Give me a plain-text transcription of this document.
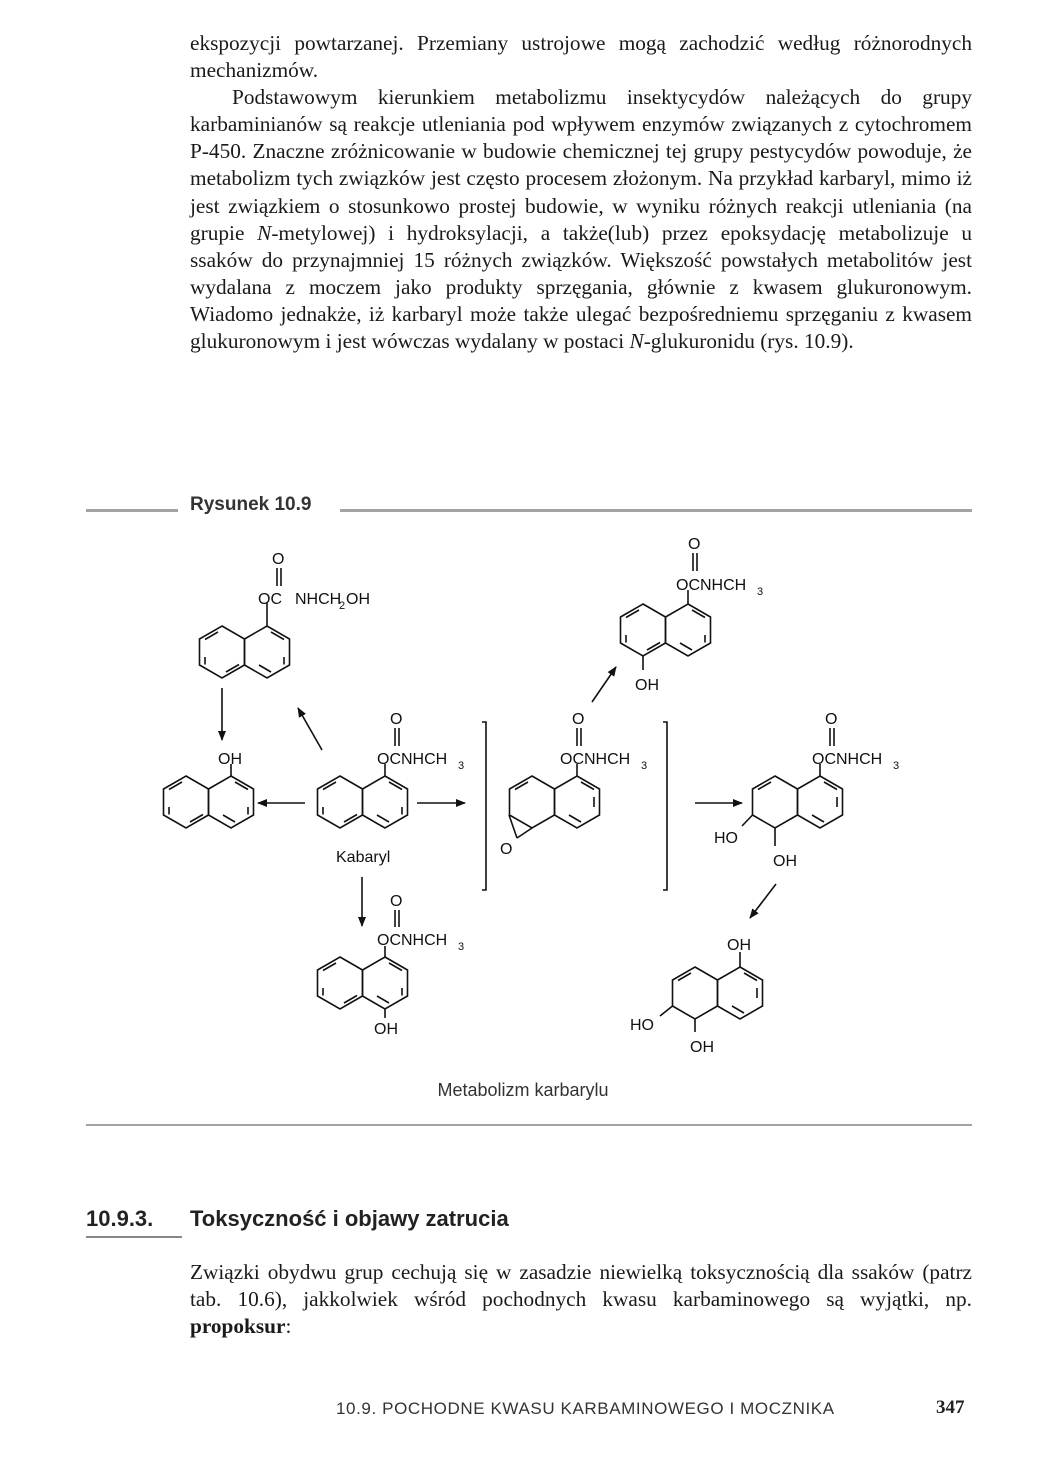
ekspozycji powtarzanej. Przemiany ustrojowe mogą zachodzić według różnorodnych mechanizmów.

Podstawowym kierunkiem metabolizmu insektycydów należących do grupy karbaminianów są reakcje utleniania pod wpływem enzymów związanych z cytochromem P-450. Znaczne zróżnicowanie w budowie chemicznej tej grupy pestycydów powoduje, że metabolizm tych związków jest często procesem złożonym. Na przykład karbaryl, mimo iż jest związkiem o stosunkowo prostej budowie, w wyniku różnych reakcji utleniania (na grupie N-metylowej) i hydroksylacji, a także(lub) przez epoksydację metabolizuje u ssaków do przynajmniej 15 różnych związków. Większość powstałych metabolitów jest wydalana z moczem jako produkty sprzęgania, głównie z kwasem glukuronowym. Wiadomo jednakże, iż karbaryl może także ulegać bezpośredniemu sprzęganiu z kwasem glukuronowym i jest wówczas wydalany w postaci N-glukuronidu (rys. 10.9).

Rysunek 10.9
OC NHCH
2 OH
O
OH	OCNHCH 3
O
Kabaryl
OCNHCH 3
O
OH
O
OCNHCH 3
O
OCNHCH 3
O
OH
OCNHCH 3
O
HO
OH
OH
HO
OH
Metabolizm karbarylu
10.9.3. Toksyczność i objawy zatrucia

Związki obydwu grup cechują się w zasadzie niewielką toksycznością dla ssaków (patrz tab. 10.6), jakkolwiek wśród pochodnych kwasu karbaminowego są wyjątki, np. propoksur:

10.9. POCHODNE KWASU KARBAMINOWEGO I MOCZNIKA	347
